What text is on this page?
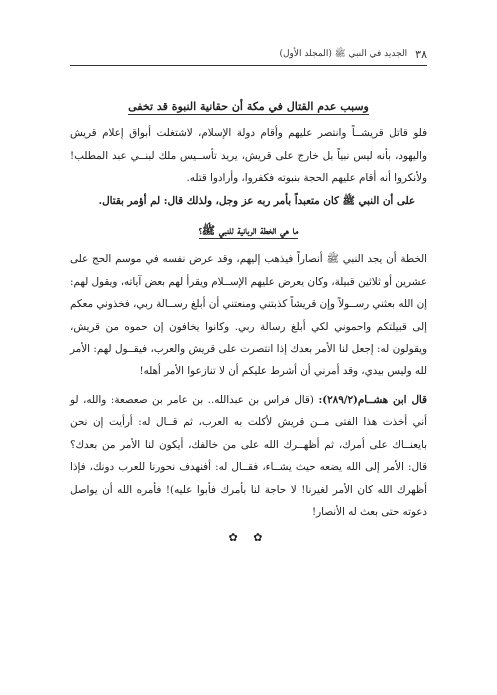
٣٨
الجديد في النبي ﷺ (المجلد الأول)
وسبب عدم القتال في مكة أن حقانية النبوة قد تخفى

فلو قاتل قريشــاً وانتصر عليهم وأقام دولة الإسلام، لاشتغلت أبواق إعلام قريش واليهود، بأنه ليس نبياً بل خارج على قريش، يريد تأســيس ملك لبنــي عبد المطلب! ولأنكروا أنه أقام عليهم الحجة بنبوته فكفروا، وأرادوا قتله.

على أن النبي ﷺ كان متعبداً بأمر ربه عز وجل، ولذلك قال: لم أؤمر بقتال.

ما هي الخطة الربانية للنبي ﷺ؟

الخطة أن يجد النبي ﷺ أنصاراً فيذهب إليهم، وقد عرض نفسه في موسم الحج على عشرين أو ثلاثين قبيلة، وكان يعرض عليهم الإســلام ويقرأ لهم بعض آياته، ويقول لهم: إن الله بعثني رســولاً وإن قريشاً كذبتني ومنعتني أن أبلغ رســالة ربي، فخذوني معكم إلى قبيلتكم واحموني لكي أبلغ رسالة ربي. وكانوا يخافون إن حموه من قريش، ويقولون له: إجعل لنا الأمر بعدك إذا انتصرت على قريش والعرب، فيقــول لهم: الأمر لله وليس بيدي، وقد أمرني أن أشرط عليكم أن لا تنازعوا الأمر أهله!

قال ابن هشــام(٢٨٩/٢): (قال فراس بن عبدالله.. بن عامر بن صعصعة: والله، لو أني أخذت هذا الفتى مــن قريش لأكلت به العرب، ثم قــال له: أرأيت إن نحن بايعنــاك على أمرك، ثم أظهــرك الله على من خالفك، أيكون لنا الأمر من بعدك؟ قال: الأمر إلى الله يضعه حيث يشــاء، فقــال له: أفنهدف نحورنا للعرب دونك، فإذا أظهرك الله كان الأمر لغيرنا! لا حاجة لنا بأمرك فأبوا عليه)! فأمره الله أن يواصل دعوته حتى بعث له الأنصار!

✿ ✿
